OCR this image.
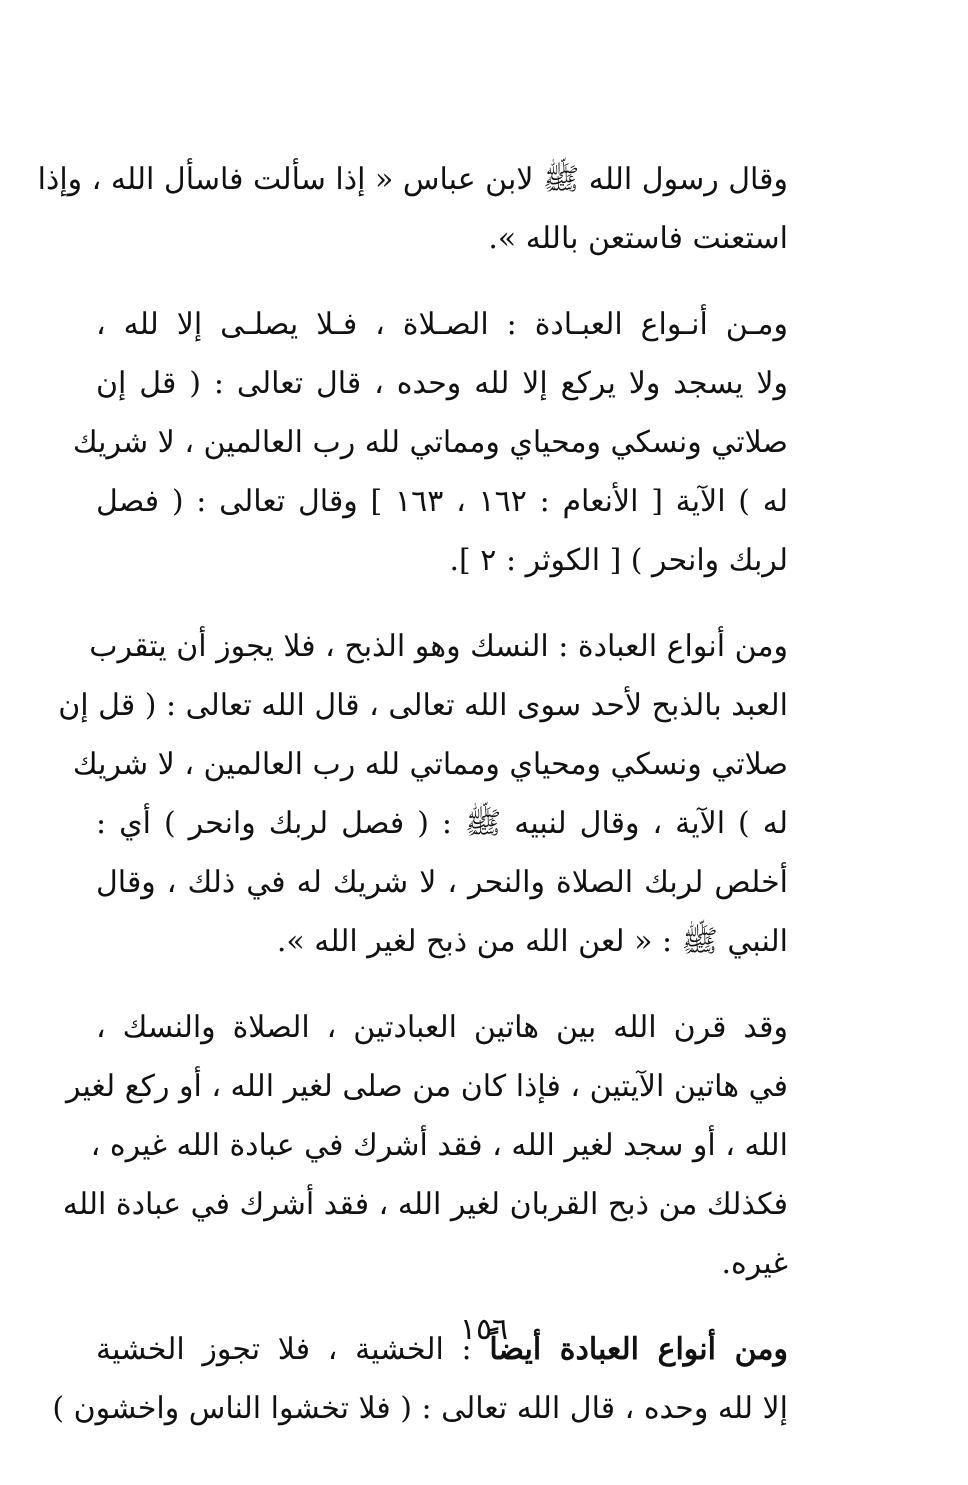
وقال رسول الله ﷺ لابن عباس « إذا سألت فاسأل الله ، وإذا
استعنت فاستعن بالله ».
ومـن أنـواع العبـادة : الصـلاة ، فـلا يصلـى إلا لله ،
ولا يسجد ولا يركع إلا لله وحده ، قال تعالى : ( قل إن
صلاتي ونسكي ومحياي ومماتي لله رب العالمين ، لا شريك
له ) الآية [ الأنعام : ١٦٢ ، ١٦٣ ] وقال تعالى : ( فصل
لربك وانحر ) [ الكوثر : ٢ ].
ومن أنواع العبادة : النسك وهو الذبح ، فلا يجوز أن يتقرب
العبد بالذبح لأحد سوى الله تعالى ، قال الله تعالى : ( قل إن
صلاتي ونسكي ومحياي ومماتي لله رب العالمين ، لا شريك
له ) الآية ، وقال لنبيه ﷺ : ( فصل لربك وانحر ) أي :
أخلص لربك الصلاة والنحر ، لا شريك له في ذلك ، وقال
النبي ﷺ : « لعن الله من ذبح لغير الله ».
وقد قرن الله بين هاتين العبادتين ، الصلاة والنسك ،
في هاتين الآيتين ، فإذا كان من صلى لغير الله ، أو ركع لغير
الله ، أو سجد لغير الله ، فقد أشرك في عبادة الله غيره ،
فكذلك من ذبح القربان لغير الله ، فقد أشرك في عبادة الله
غيره.
ومن أنواع العبادة أيضاً : الخشية ، فلا تجوز الخشية
إلا لله وحده ، قال الله تعالى : ( فلا تخشوا الناس واخشون )
١٥٦
